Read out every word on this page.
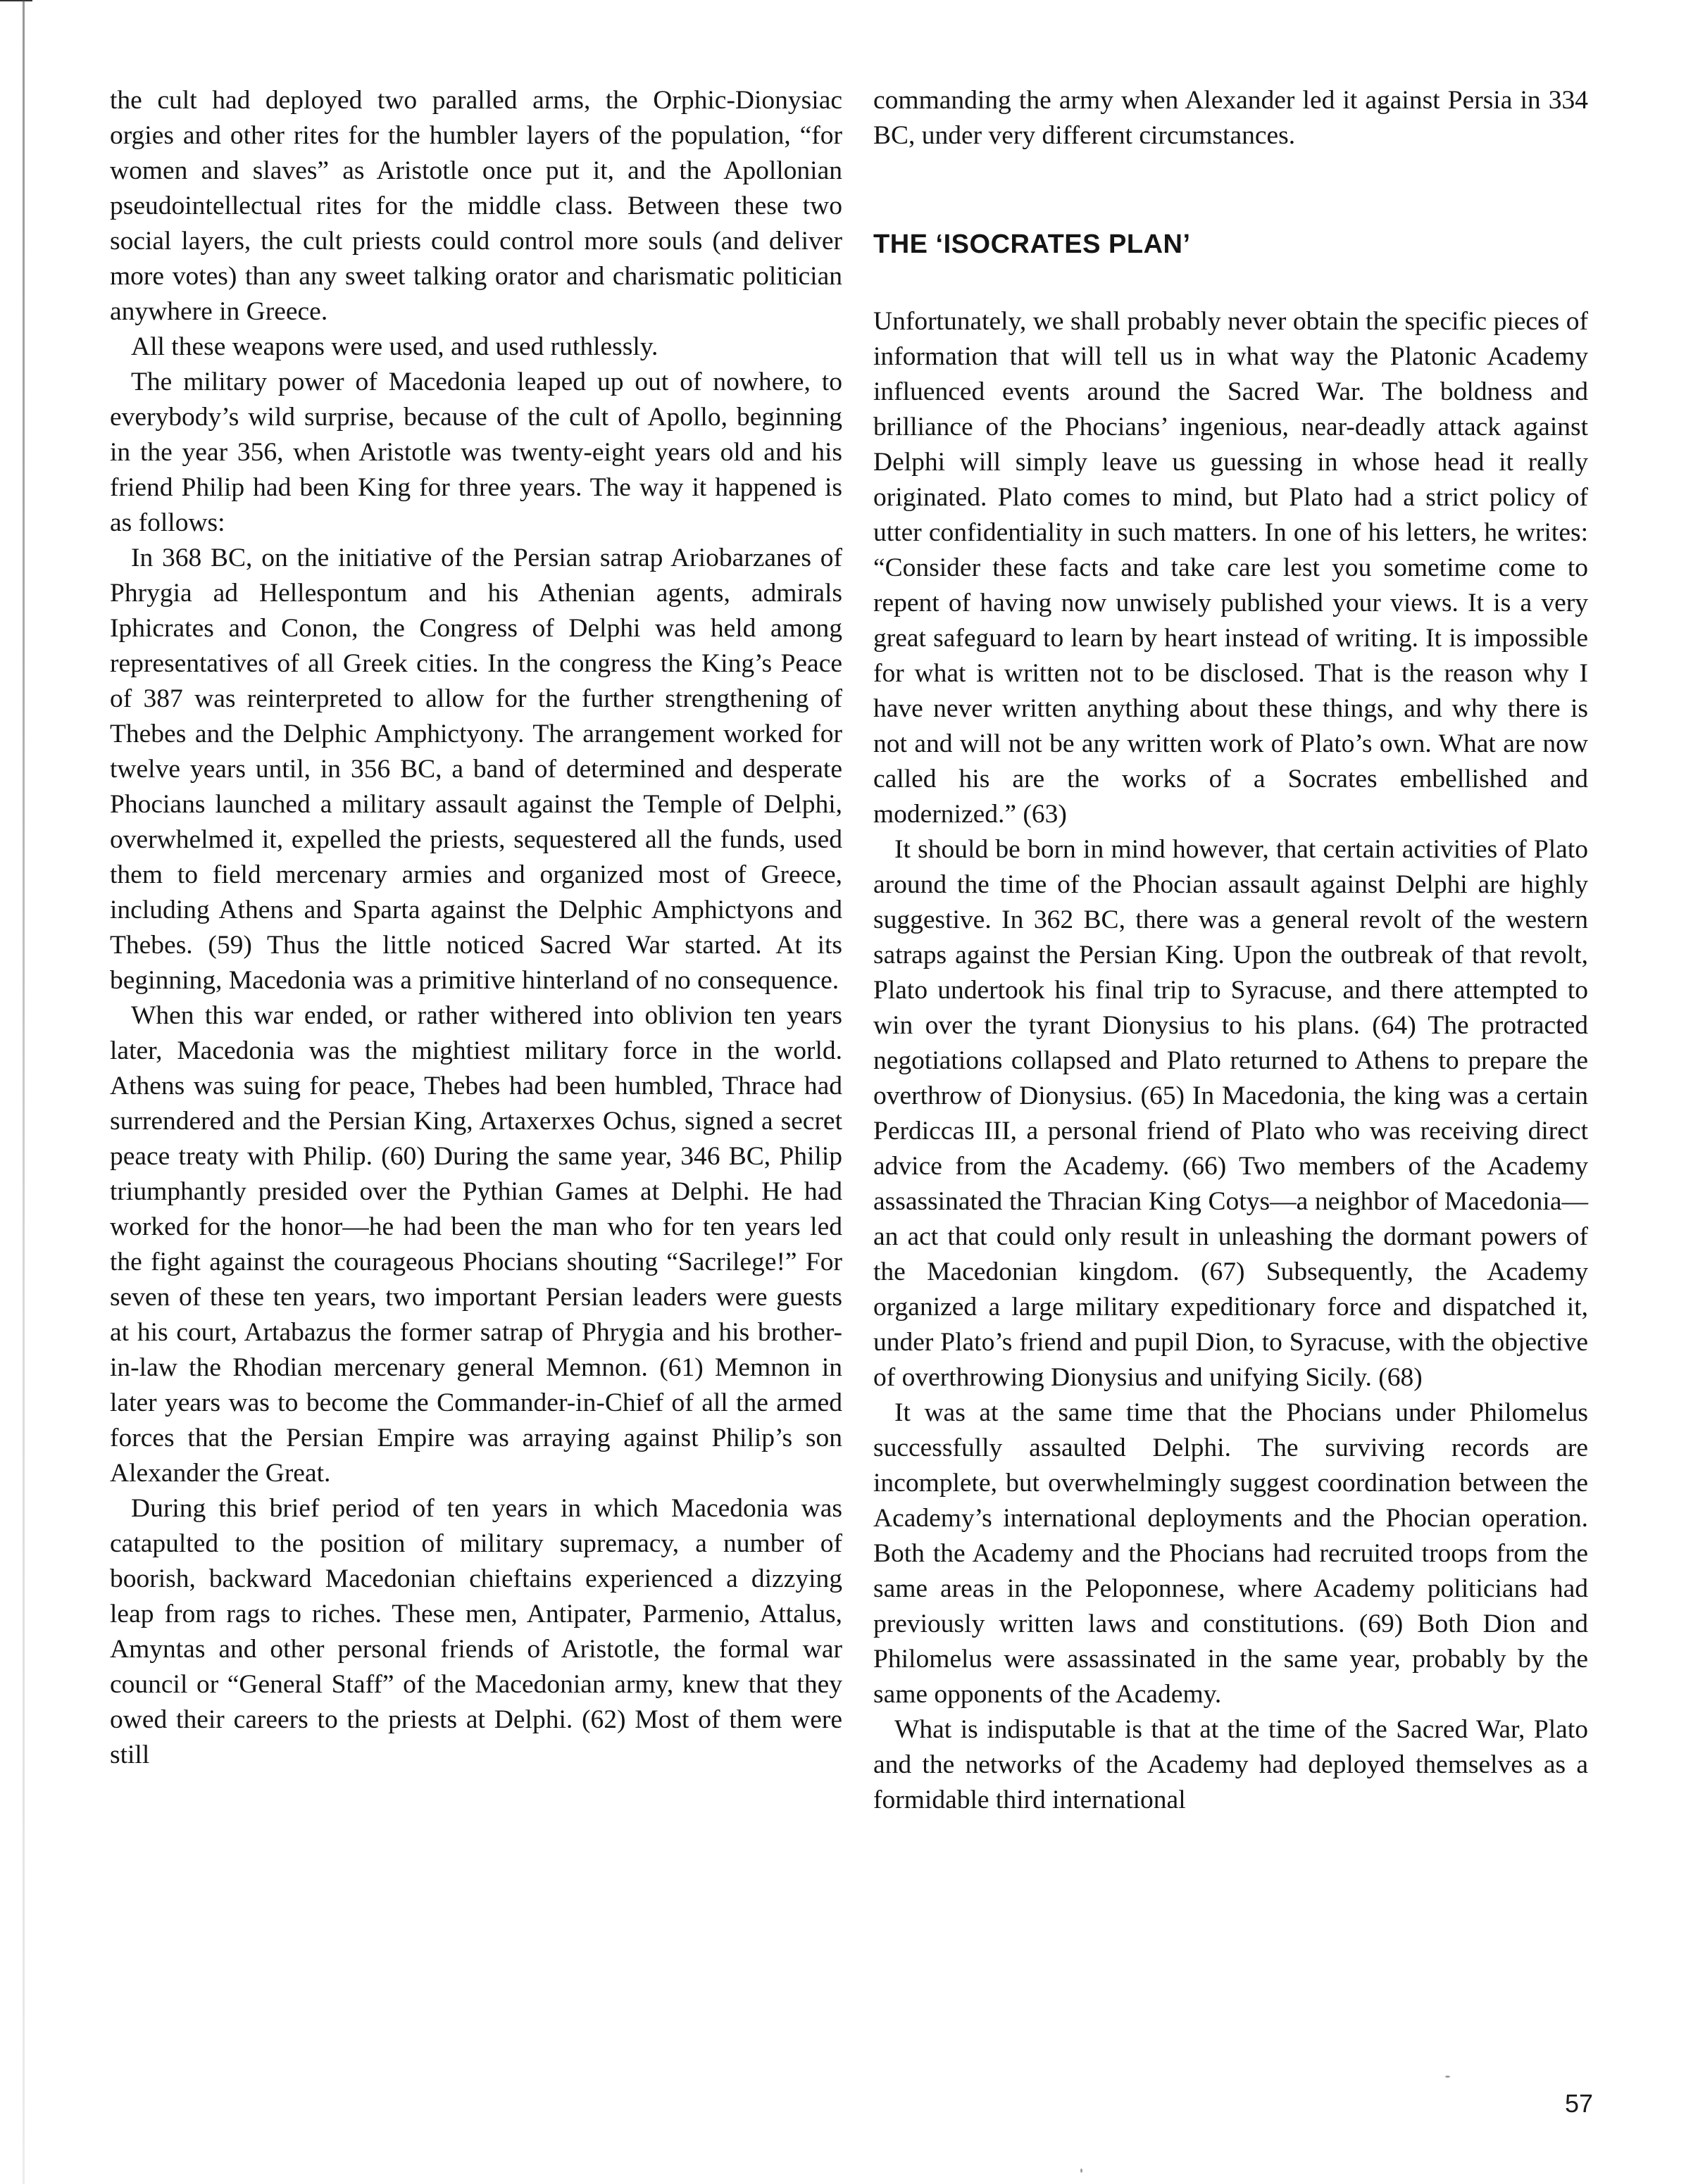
the cult had deployed two paralled arms, the Orphic-Dionysiac orgies and other rites for the humbler layers of the population, “for women and slaves” as Aristotle once put it, and the Apollonian pseudointellectual rites for the middle class. Between these two social layers, the cult priests could control more souls (and deliver more votes) than any sweet talking orator and charismatic politician anywhere in Greece.

All these weapons were used, and used ruthlessly.

The military power of Macedonia leaped up out of nowhere, to everybody’s wild surprise, because of the cult of Apollo, beginning in the year 356, when Aristotle was twenty-eight years old and his friend Philip had been King for three years. The way it happened is as follows:

In 368 BC, on the initiative of the Persian satrap Ariobarzanes of Phrygia ad Hellespontum and his Athenian agents, admirals Iphicrates and Conon, the Congress of Delphi was held among representatives of all Greek cities. In the congress the King’s Peace of 387 was reinterpreted to allow for the further strengthening of Thebes and the Delphic Amphictyony. The arrangement worked for twelve years until, in 356 BC, a band of determined and desperate Phocians launched a military assault against the Temple of Delphi, overwhelmed it, expelled the priests, sequestered all the funds, used them to field mercenary armies and organized most of Greece, including Athens and Sparta against the Delphic Amphictyons and Thebes. (59) Thus the little noticed Sacred War started. At its beginning, Macedonia was a primitive hinterland of no consequence.

When this war ended, or rather withered into oblivion ten years later, Macedonia was the mightiest military force in the world. Athens was suing for peace, Thebes had been humbled, Thrace had surrendered and the Persian King, Artaxerxes Ochus, signed a secret peace treaty with Philip. (60) During the same year, 346 BC, Philip triumphantly presided over the Pythian Games at Delphi. He had worked for the honor—he had been the man who for ten years led the fight against the courageous Phocians shouting “Sacrilege!” For seven of these ten years, two important Persian leaders were guests at his court, Artabazus the former satrap of Phrygia and his brother-in-law the Rhodian mercenary general Memnon. (61) Memnon in later years was to become the Commander-in-Chief of all the armed forces that the Persian Empire was arraying against Philip’s son Alexander the Great.

During this brief period of ten years in which Macedonia was catapulted to the position of military supremacy, a number of boorish, backward Macedonian chieftains experienced a dizzying leap from rags to riches. These men, Antipater, Parmenio, Attalus, Amyntas and other personal friends of Aristotle, the formal war council or “General Staff” of the Macedonian army, knew that they owed their careers to the priests at Delphi. (62) Most of them were still

commanding the army when Alexander led it against Persia in 334 BC, under very different circumstances.

THE ‘ISOCRATES PLAN’

Unfortunately, we shall probably never obtain the specific pieces of information that will tell us in what way the Platonic Academy influenced events around the Sacred War. The boldness and brilliance of the Phocians’ ingenious, near-deadly attack against Delphi will simply leave us guessing in whose head it really originated. Plato comes to mind, but Plato had a strict policy of utter confidentiality in such matters. In one of his letters, he writes: “Consider these facts and take care lest you sometime come to repent of having now unwisely published your views. It is a very great safeguard to learn by heart instead of writing. It is impossible for what is written not to be disclosed. That is the reason why I have never written anything about these things, and why there is not and will not be any written work of Plato’s own. What are now called his are the works of a Socrates embellished and modernized.” (63)

It should be born in mind however, that certain activities of Plato around the time of the Phocian assault against Delphi are highly suggestive. In 362 BC, there was a general revolt of the western satraps against the Persian King. Upon the outbreak of that revolt, Plato undertook his final trip to Syracuse, and there attempted to win over the tyrant Dionysius to his plans. (64) The protracted negotiations collapsed and Plato returned to Athens to prepare the overthrow of Dionysius. (65) In Macedonia, the king was a certain Perdiccas III, a personal friend of Plato who was receiving direct advice from the Academy. (66) Two members of the Academy assassinated the Thracian King Cotys—a neighbor of Macedonia—an act that could only result in unleashing the dormant powers of the Macedonian kingdom. (67) Subsequently, the Academy organized a large military expeditionary force and dispatched it, under Plato’s friend and pupil Dion, to Syracuse, with the objective of overthrowing Dionysius and unifying Sicily. (68)

It was at the same time that the Phocians under Philomelus successfully assaulted Delphi. The surviving records are incomplete, but overwhelmingly suggest coordination between the Academy’s international deployments and the Phocian operation. Both the Academy and the Phocians had recruited troops from the same areas in the Peloponnese, where Academy politicians had previously written laws and constitutions. (69) Both Dion and Philomelus were assassinated in the same year, probably by the same opponents of the Academy.

What is indisputable is that at the time of the Sacred War, Plato and the networks of the Academy had deployed themselves as a formidable third international

57
